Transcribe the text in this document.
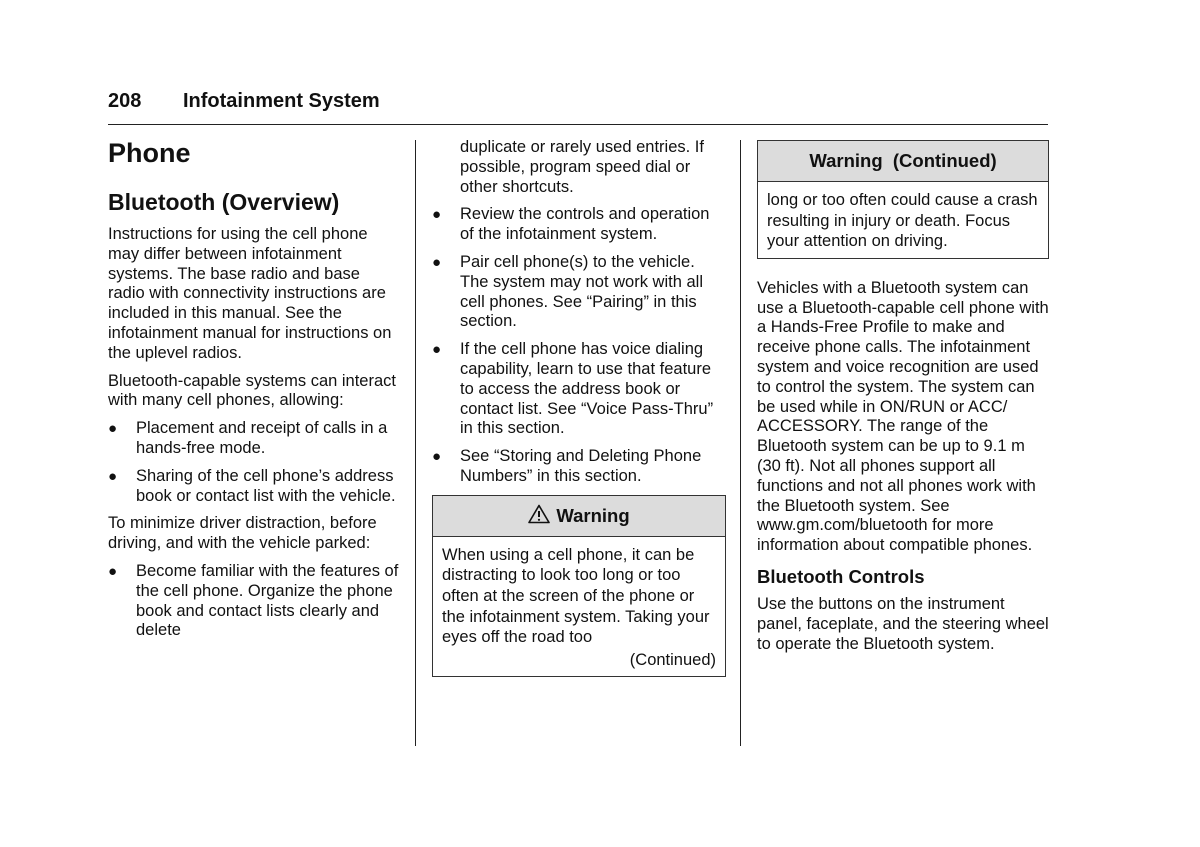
208 Infotainment System
Phone
Bluetooth (Overview)

Instructions for using the cell phone may differ between infotainment systems. The base radio and base radio with connectivity instructions are included in this manual. See the infotainment manual for instructions on the uplevel radios.

Bluetooth-capable systems can interact with many cell phones, allowing:

● Placement and receipt of calls in a hands-free mode.
● Sharing of the cell phone’s address book or contact list with the vehicle.

To minimize driver distraction, before driving, and with the vehicle parked:

● Become familiar with the features of the cell phone. Organize the phone book and contact lists clearly and delete
duplicate or rarely used entries. If possible, program speed dial or other shortcuts.
● Review the controls and operation of the infotainment system.
● Pair cell phone(s) to the vehicle. The system may not work with all cell phones. See “Pairing” in this section.
● If the cell phone has voice dialing capability, learn to use that feature to access the address book or contact list. See “Voice Pass-Thru” in this section.
● See “Storing and Deleting Phone Numbers” in this section.
Warning
When using a cell phone, it can be distracting to look too long or too often at the screen of the phone or the infotainment system. Taking your eyes off the road too
(Continued)
Warning  (Continued)
long or too often could cause a crash resulting in injury or death. Focus your attention on driving.

Vehicles with a Bluetooth system can use a Bluetooth-capable cell phone with a Hands-Free Profile to make and receive phone calls. The infotainment system and voice recognition are used to control the system. The system can be used while in ON/RUN or ACC/ ACCESSORY. The range of the Bluetooth system can be up to 9.1 m (30 ft). Not all phones support all functions and not all phones work with the Bluetooth system. See www.gm.com/bluetooth for more information about compatible phones.

Bluetooth Controls

Use the buttons on the instrument panel, faceplate, and the steering wheel to operate the Bluetooth system.
